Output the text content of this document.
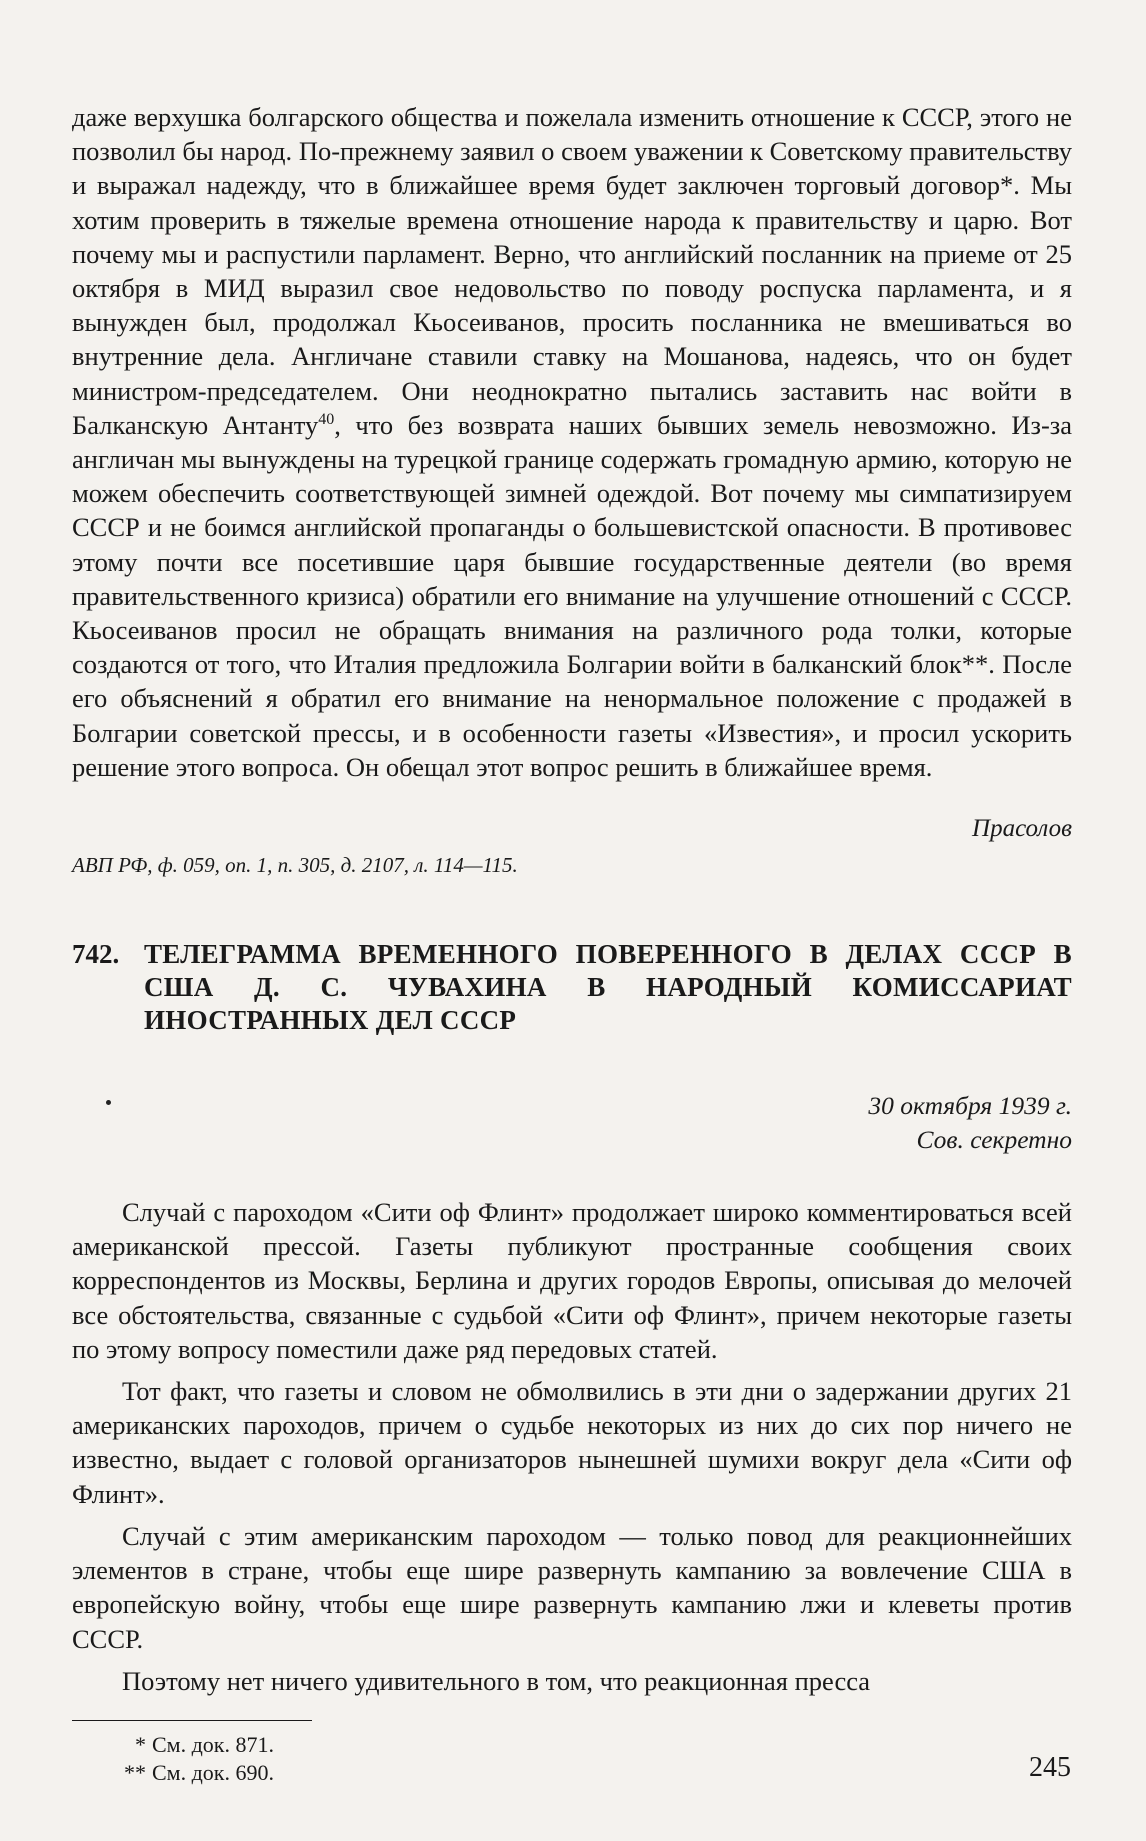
даже верхушка болгарского общества и пожелала изменить отношение к СССР, этого не позволил бы народ. По-прежнему заявил о своем уважении к Советскому правительству и выражал надежду, что в ближайшее время будет заключен торговый договор*. Мы хотим проверить в тяжелые времена отношение народа к правительству и царю. Вот почему мы и распустили парламент. Верно, что английский посланник на приеме от 25 октября в МИД выразил свое недовольство по поводу роспуска парламента, и я вынужден был, продолжал Кьосеиванов, просить посланника не вмешиваться во внутренние дела. Англичане ставили ставку на Мошанова, надеясь, что он будет министром-председателем. Они неоднократно пытались заставить нас войти в Балканскую Антанту$^{40}$, что без возврата наших бывших земель невозможно. Из-за англичан мы вынуждены на турецкой границе содержать громадную армию, которую не можем обеспечить соответствующей зимней одеждой. Вот почему мы симпатизируем СССР и не боимся английской пропаганды о большевистской опасности. В противовес этому почти все посетившие царя бывшие государственные деятели (во время правительственного кризиса) обратили его внимание на улучшение отношений с СССР. Кьосеиванов просил не обращать внимания на различного рода толки, которые создаются от того, что Италия предложила Болгарии войти в балканский блок**. После его объяснений я обратил его внимание на ненормальное положение с продажей в Болгарии советской прессы, и в особенности газеты «Известия», и просил ускорить решение этого вопроса. Он обещал этот вопрос решить в ближайшее время.

Прасолов
АВП РФ, ф. 059, оп. 1, п. 305, д. 2107, л. 114—115.
742. ТЕЛЕГРАММА ВРЕМЕННОГО ПОВЕРЕННОГО В ДЕЛАХ СССР В США Д. С. ЧУВАХИНА В НАРОДНЫЙ КОМИССАРИАТ ИНОСТРАННЫХ ДЕЛ СССР
30 октября 1939 г.
Сов. секретно

Случай с пароходом «Сити оф Флинт» продолжает широко комментироваться всей американской прессой. Газеты публикуют пространные сообщения своих корреспондентов из Москвы, Берлина и других городов Европы, описывая до мелочей все обстоятельства, связанные с судьбой «Сити оф Флинт», причем некоторые газеты по этому вопросу поместили даже ряд передовых статей.

Тот факт, что газеты и словом не обмолвились в эти дни о задержании других 21 американских пароходов, причем о судьбе некоторых из них до сих пор ничего не известно, выдает с головой организаторов нынешней шумихи вокруг дела «Сити оф Флинт».

Случай с этим американским пароходом — только повод для реакционнейших элементов в стране, чтобы еще шире развернуть кампанию за вовлечение США в европейскую войну, чтобы еще шире развернуть кампанию лжи и клеветы против СССР.

Поэтому нет ничего удивительного в том, что реакционная пресса

* См. док. 871.
** См. док. 690.	245
